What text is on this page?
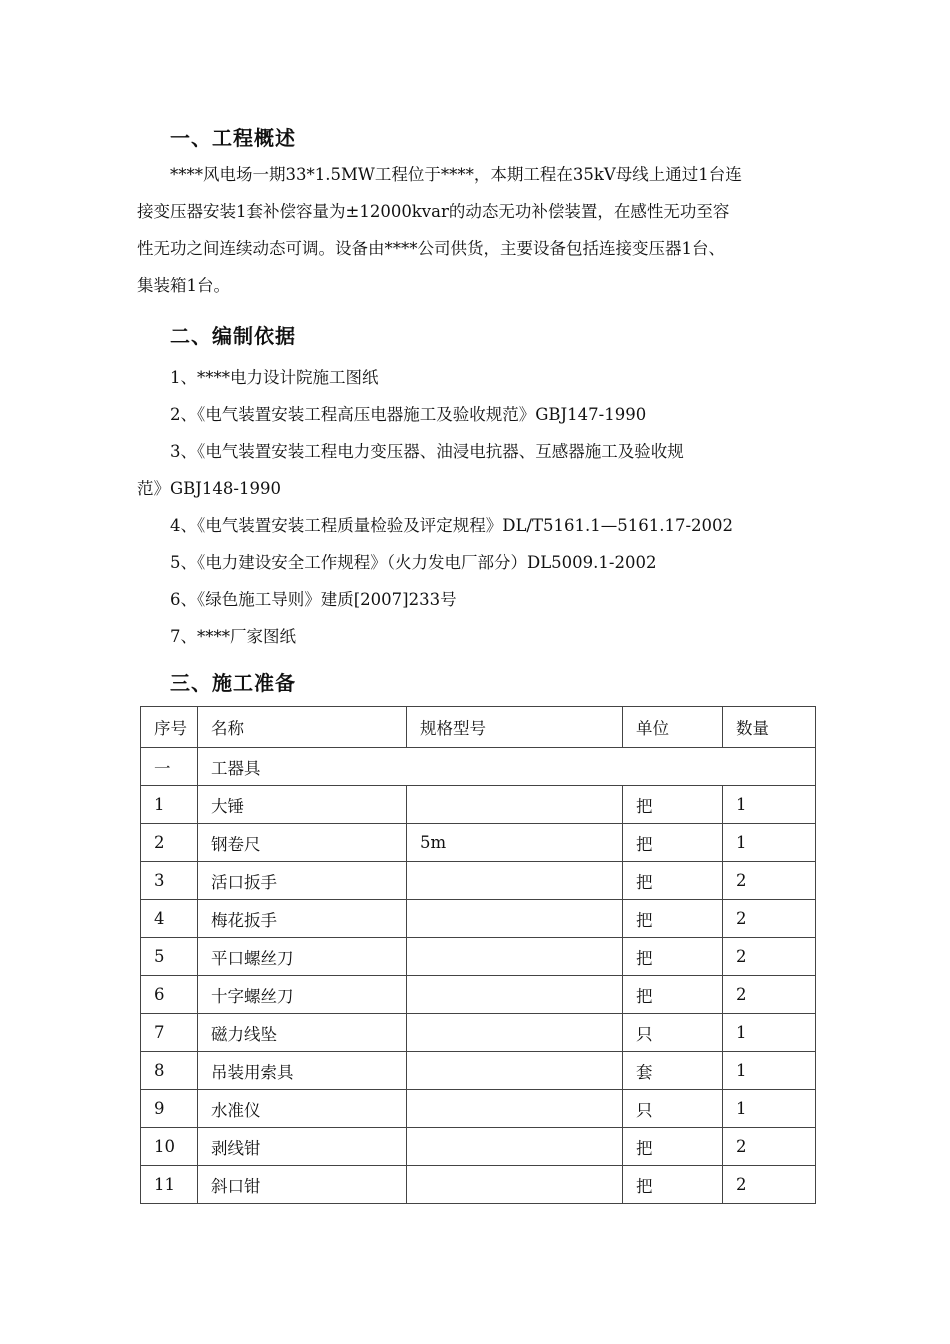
一、工程概述
****风电场一期33*1.5MW工程位于****，本期工程在35kV母线上通过1台连
接变压器安装1套补偿容量为±12000kvar的动态无功补偿装置，在感性无功至容
性无功之间连续动态可调。设备由****公司供货，主要设备包括连接变压器1台、
集装箱1台。
二、编制依据
1、****电力设计院施工图纸
2、《电气装置安装工程高压电器施工及验收规范》GBJ147-1990
3、《电气装置安装工程电力变压器、油浸电抗器、互感器施工及验收规
范》GBJ148-1990
4、《电气装置安装工程质量检验及评定规程》DL/T5161.1—5161.17-2002
5、《电力建设安全工作规程》（火力发电厂部分）DL5009.1-2002
6、《绿色施工导则》建质[2007]233号
7、****厂家图纸
三、施工准备
序号	名称	规格型号	单位	数量
一	工器具			
1	大锤		把	1
2	钢卷尺	5m	把	1
3	活口扳手		把	2
4	梅花扳手		把	2
5	平口螺丝刀		把	2
6	十字螺丝刀		把	2
7	磁力线坠		只	1
8	吊装用索具		套	1
9	水准仪		只	1
10	剥线钳		把	2
11	斜口钳		把	2
